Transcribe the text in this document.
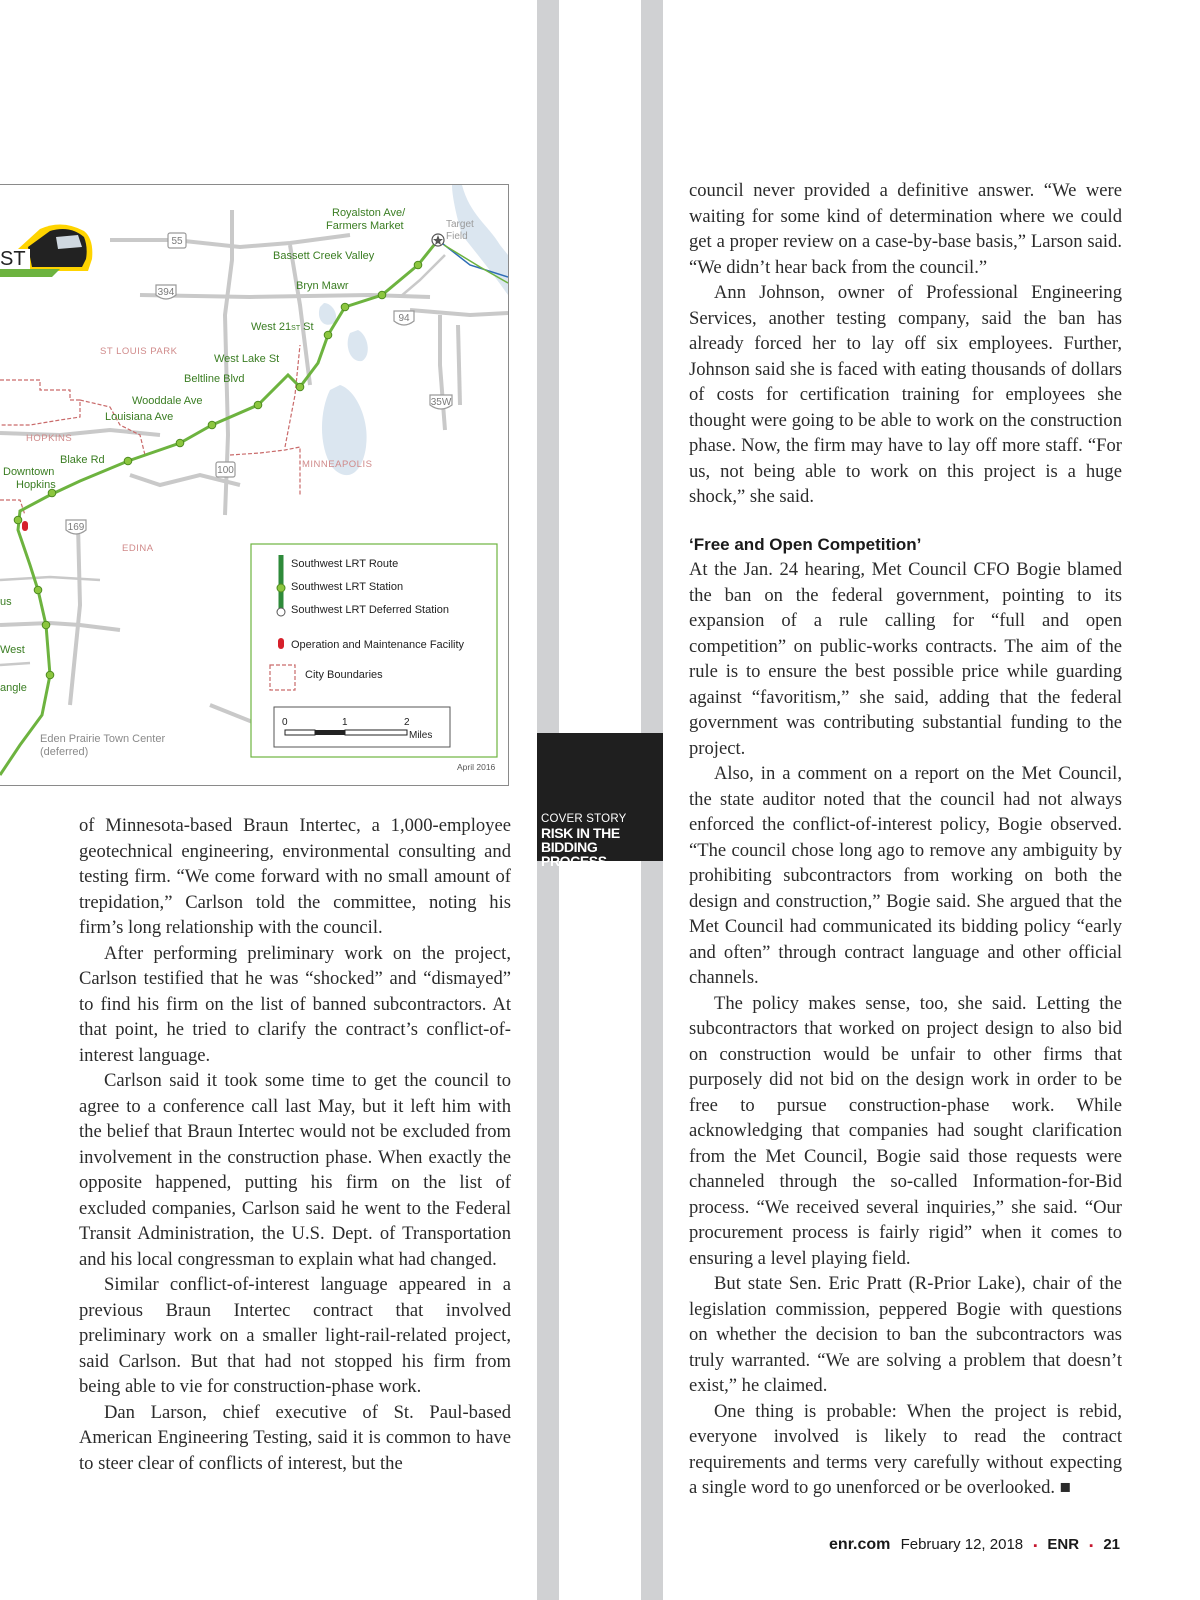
55
394
94
35W
100
169
ST
Royalston Ave/
Farmers Market
Bassett Creek Valley
Bryn Mawr
West 21ST St
West Lake St
Beltline Blvd
Wooddale Ave
Louisiana Ave
Blake Rd
Downtown
Hopkins
us
West
angle
Eden Prairie Town Center
(deferred)
Target
Field
ST LOUIS PARK
HOPKINS
MINNEAPOLIS
EDINA
Southwest LRT Route
Southwest LRT Station
Southwest LRT Deferred Station
Operation and Maintenance Facility
City Boundaries
0	1	2
Miles
April 2016
COVER STORY
RISK IN THE
BIDDING PROCESS

of Minnesota-based Braun Intertec, a 1,000-employee geotechnical engineering, environmental consulting and testing firm. “We come forward with no small amount of trepidation,” Carlson told the committee, noting his firm’s long relationship with the council.

After performing preliminary work on the project, Carlson testified that he was “shocked” and “dismayed” to find his firm on the list of banned subcontractors. At that point, he tried to clarify the contract’s conflict-of-interest language.

Carlson said it took some time to get the council to agree to a conference call last May, but it left him with the belief that Braun Intertec would not be excluded from involvement in the construction phase. When exactly the opposite happened, putting his firm on the list of excluded companies, Carlson said he went to the Federal Transit Administration, the U.S. Dept. of Transportation and his local congressman to explain what had changed.

Similar conflict-of-interest language appeared in a previous Braun Intertec contract that involved preliminary work on a smaller light-rail-related project, said Carlson. But that had not stopped his firm from being able to vie for construction-phase work.

Dan Larson, chief executive of St. Paul-based American Engineering Testing, said it is common to have to steer clear of conflicts of interest, but the

council never provided a definitive answer. “We were waiting for some kind of determination where we could get a proper review on a case-by-base basis,” Larson said. “We didn’t hear back from the council.”

Ann Johnson, owner of Professional Engineering Services, another testing company, said the ban has already forced her to lay off six employees. Further, Johnson said she is faced with eating thousands of dollars of costs for certification training for employees she thought were going to be able to work on the construction phase. Now, the firm may have to lay off more staff. “For us, not being able to work on this project is a huge shock,” she said.

‘Free and Open Competition’

At the Jan. 24 hearing, Met Council CFO Bogie blamed the ban on the federal government, pointing to its expansion of a rule calling for “full and open competition” on public-works contracts. The aim of the rule is to ensure the best possible price while guarding against “favoritism,” she said, adding that the federal government was contributing substantial funding to the project.

Also, in a comment on a report on the Met Council, the state auditor noted that the council had not always enforced the conflict-of-interest policy, Bogie observed. “The council chose long ago to remove any ambiguity by prohibiting subcontractors from working on both the design and construction,” Bogie said. She argued that the Met Council had communicated its bidding policy “early and often” through contract language and other official channels.

The policy makes sense, too, she said. Letting the subcontractors that worked on project design to also bid on construction would be unfair to other firms that purposely did not bid on the design work in order to be free to pursue construction-phase work. While acknowledging that companies had sought clarification from the Met Council, Bogie said those requests were channeled through the so-called Information-for-Bid process. “We received several inquiries,” she said. “Our procurement process is fairly rigid” when it comes to ensuring a level playing field.

But state Sen. Eric Pratt (R-Prior Lake), chair of the legislation commission, peppered Bogie with questions on whether the decision to ban the subcontractors was truly warranted. “We are solving a problem that doesn’t exist,” he claimed.

One thing is probable: When the project is rebid, everyone involved is likely to read the contract requirements and terms very carefully without expecting a single word to go unenforced or be overlooked. ■

enr.com February 12, 2018 ▪ ENR ▪ 21
